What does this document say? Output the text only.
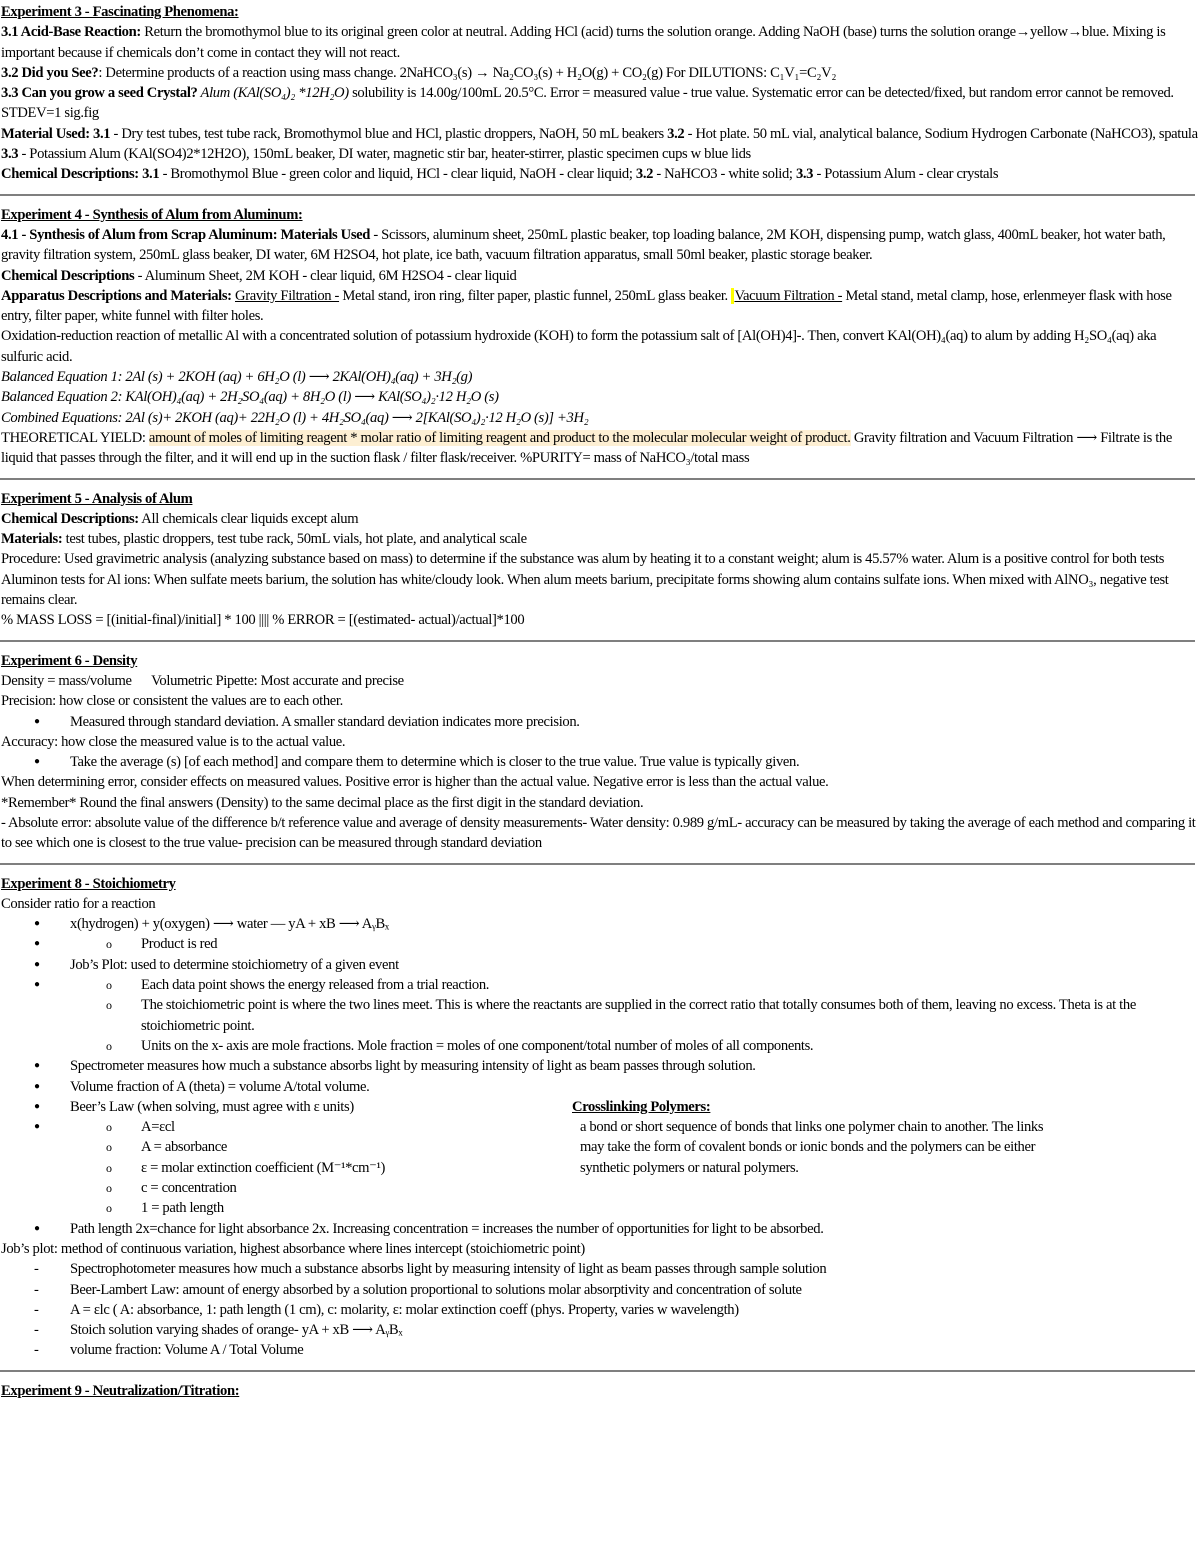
Experiment 3 - Fascinating Phenomena:

3.1 Acid-Base Reaction: Return the bromothymol blue to its original green color at neutral. Adding HCl (acid) turns the solution orange. Adding NaOH (base) turns the solution orange→yellow→blue. Mixing is important because if chemicals don’t come in contact they will not react.

3.2 Did you See?: Determine products of a reaction using mass change. 2NaHCO₃(s) → Na₂CO₃(s) + H₂O(g) + CO₂(g) For DILUTIONS: C₁V₁=C₂V₂

3.3 Can you grow a seed Crystal? Alum (KAl(SO₄)₂ *12H₂O) solubility is 14.00g/100mL 20.5°C. Error = measured value - true value. Systematic error can be detected/fixed, but random error cannot be removed. STDEV=1 sig.fig

Material Used: 3.1 - Dry test tubes, test tube rack, Bromothymol blue and HCl, plastic droppers, NaOH, 50 mL beakers 3.2 - Hot plate. 50 mL vial, analytical balance, Sodium Hydrogen Carbonate (NaHCO3), spatula 3.3 - Potassium Alum (KAl(SO4)2*12H2O), 150mL beaker, DI water, magnetic stir bar, heater-stirrer, plastic specimen cups w blue lids

Chemical Descriptions: 3.1 - Bromothymol Blue - green color and liquid, HCl - clear liquid, NaOH - clear liquid; 3.2 - NaHCO3 - white solid; 3.3 - Potassium Alum - clear crystals

Experiment 4 - Synthesis of Alum from Aluminum:

4.1 - Synthesis of Alum from Scrap Aluminum: Materials Used - Scissors, aluminum sheet, 250mL plastic beaker, top loading balance, 2M KOH, dispensing pump, watch glass, 400mL beaker, hot water bath, gravity filtration system, 250mL glass beaker, DI water, 6M H2SO4, hot plate, ice bath, vacuum filtration apparatus, small 50ml beaker, plastic storage beaker.

Chemical Descriptions - Aluminum Sheet, 2M KOH - clear liquid, 6M H2SO4 - clear liquid

Apparatus Descriptions and Materials: Gravity Filtration - Metal stand, iron ring, filter paper, plastic funnel, 250mL glass beaker.  Vacuum Filtration - Metal stand, metal clamp, hose, erlenmeyer flask with hose entry, filter paper, white funnel with filter holes.

Oxidation-reduction reaction of metallic Al with a concentrated solution of potassium hydroxide (KOH) to form the potassium salt of [Al(OH)4]-. Then, convert KAl(OH)₄(aq) to alum by adding H₂SO₄(aq) aka sulfuric acid.

Balanced Equation 1: 2Al (s) + 2KOH (aq) + 6H₂O (l) ⟶ 2KAl(OH)₄(aq) + 3H₂(g)

Balanced Equation 2: KAl(OH)₄(aq) + 2H₂SO₄(aq) + 8H₂O (l) ⟶ KAl(SO₄)₂·12 H₂O (s)

Combined Equations: 2Al (s)+ 2KOH (aq)+ 22H₂O (l) + 4H₂SO₄(aq) ⟶ 2[KAl(SO₄)₂·12 H₂O (s)] +3H₂

THEORETICAL YIELD: amount of moles of limiting reagent * molar ratio of limiting reagent and product to the molecular molecular weight of product. Gravity filtration and Vacuum Filtration ⟶ Filtrate is the liquid that passes through the filter, and it will end up in the suction flask / filter flask/receiver. %PURITY= mass of NaHCO₃/total mass

Experiment 5 - Analysis of Alum

Chemical Descriptions: All chemicals clear liquids except alum

Materials: test tubes, plastic droppers, test tube rack, 50mL vials, hot plate, and analytical scale

Procedure: Used gravimetric analysis (analyzing substance based on mass) to determine if the substance was alum by heating it to a constant weight; alum is 45.57% water. Alum is a positive control for both tests Aluminon tests for Al ions: When sulfate meets barium, the solution has white/cloudy look. When alum meets barium, precipitate forms showing alum contains sulfate ions. When mixed with AlNO₃, negative test remains clear.

% MASS LOSS = [(initial-final)/initial] * 100 |||| % ERROR = [(estimated- actual)/actual]*100

Experiment 6 - Density

Density = mass/volume      Volumetric Pipette: Most accurate and precise

Precision: how close or consistent the values are to each other.

● Measured through standard deviation. A smaller standard deviation indicates more precision.

Accuracy: how close the measured value is to the actual value.

● Take the average (s) [of each method] and compare them to determine which is closer to the true value. True value is typically given.

When determining error, consider effects on measured values. Positive error is higher than the actual value. Negative error is less than the actual value.

*Remember* Round the final answers (Density) to the same decimal place as the first digit in the standard deviation.

- Absolute error: absolute value of the difference b/t reference value and average of density measurements- Water density: 0.989 g/mL- accuracy can be measured by taking the average of each method and comparing it to see which one is closest to the true value- precision can be measured through standard deviation

Experiment 8 - Stoichiometry

Consider ratio for a reaction

● x(hydrogen) + y(oxygen) ⟶ water — yA + xB ⟶ AᵧBₓ
o ● Product is red
● Job’s Plot: used to determine stoichiometry of a given event
o ● Each data point shows the energy released from a trial reaction.
o The stoichiometric point is where the two lines meet. This is where the reactants are supplied in the correct ratio that totally consumes both of them, leaving no excess. Theta is at the stoichiometric point.
o Units on the x- axis are mole fractions. Mole fraction = moles of one component/total number of moles of all components.
● Spectrometer measures how much a substance absorbs light by measuring intensity of light as beam passes through solution.
● Volume fraction of A (theta) = volume A/total volume.
● Beer’s Law (when solving, must agree with ε units)
o ● A=εcl
o A = absorbance
o ε = molar extinction coefficient (M⁻¹*cm⁻¹)
o c = concentration
o 1 = path length
● Path length 2x=chance for light absorbance 2x. Increasing concentration = increases the number of opportunities for light to be absorbed.
Crosslinking Polymers:
a bond or short sequence of bonds that links one polymer chain to another. The links may take the form of covalent bonds or ionic bonds and the polymers can be either synthetic polymers or natural polymers.

Job’s plot: method of continuous variation, highest absorbance where lines intercept (stoichiometric point)

- Spectrophotometer measures how much a substance absorbs light by measuring intensity of light as beam passes through sample solution
- Beer-Lambert Law: amount of energy absorbed by a solution proportional to solutions molar absorptivity and concentration of solute
- A = εlc ( A: absorbance, 1: path length (1 cm), c: molarity, ε: molar extinction coeff (phys. Property, varies w wavelength)
- Stoich solution varying shades of orange- yA + xB ⟶ AᵧBₓ
- volume fraction: Volume A / Total Volume

Experiment 9 - Neutralization/Titration:
